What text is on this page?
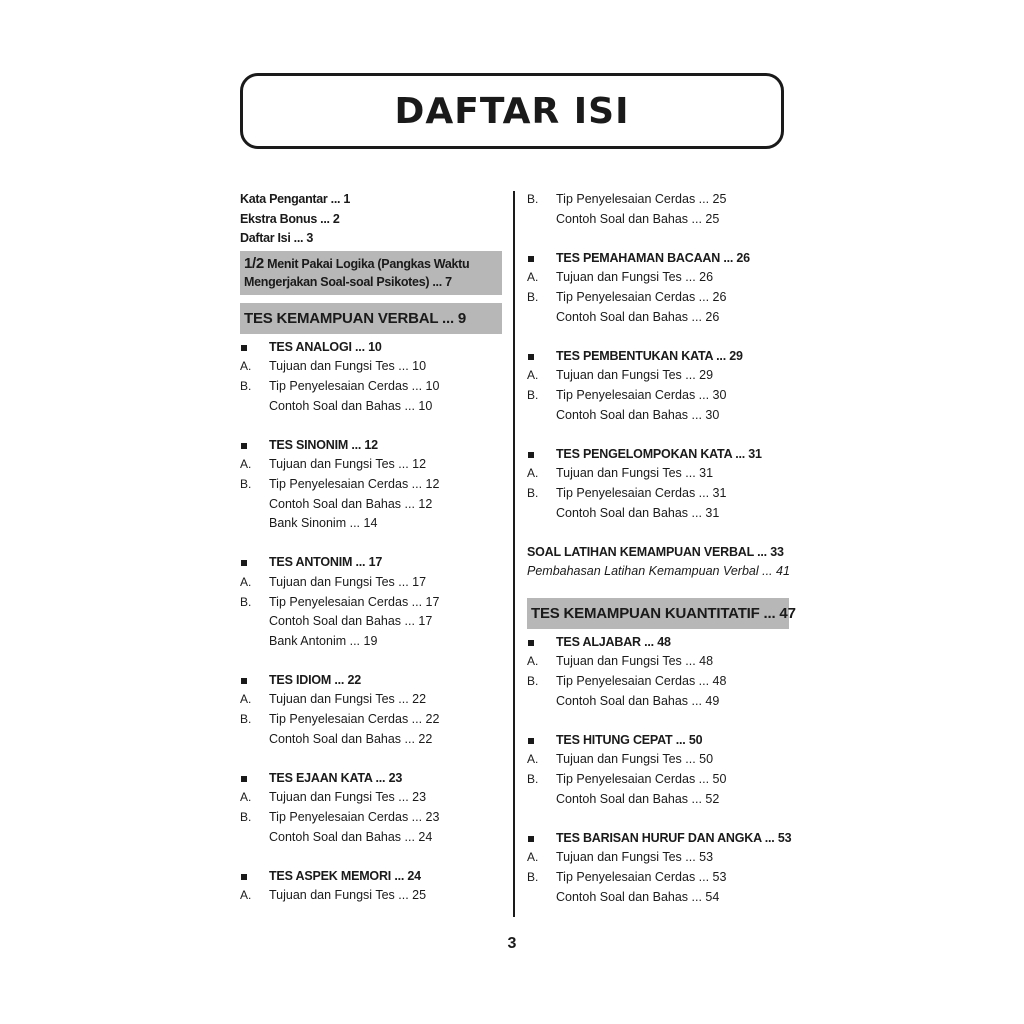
DAFTAR ISI
Kata Pengantar ... 1
Ekstra Bonus ... 2
Daftar Isi ... 3
1/2 Menit Pakai Logika (Pangkas Waktu
Mengerjakan Soal-soal Psikotes) ... 7
TES KEMAMPUAN VERBAL ... 9
TES ANALOGI ... 10
A.	Tujuan dan Fungsi Tes ... 10
B.	Tip Penyelesaian Cerdas ... 10
Contoh Soal dan Bahas ... 10
TES SINONIM ... 12
A.	Tujuan dan Fungsi Tes ... 12
B.	Tip Penyelesaian Cerdas ... 12
Contoh Soal dan Bahas ... 12
Bank Sinonim ... 14
TES ANTONIM ... 17
A.	Tujuan dan Fungsi Tes ... 17
B.	Tip Penyelesaian Cerdas ... 17
Contoh Soal dan Bahas ... 17
Bank Antonim ... 19
TES IDIOM ... 22
A.	Tujuan dan Fungsi Tes ... 22
B.	Tip Penyelesaian Cerdas ... 22
Contoh Soal dan Bahas ... 22
TES EJAAN KATA ... 23
A.	Tujuan dan Fungsi Tes ... 23
B.	Tip Penyelesaian Cerdas ... 23
Contoh Soal dan Bahas ... 24
TES ASPEK MEMORI ... 24
A.	Tujuan dan Fungsi Tes ... 25
B.	Tip Penyelesaian Cerdas ... 25
Contoh Soal dan Bahas ... 25
TES PEMAHAMAN BACAAN ... 26
A.	Tujuan dan Fungsi Tes ... 26
B.	Tip Penyelesaian Cerdas ... 26
Contoh Soal dan Bahas ... 26
TES PEMBENTUKAN KATA ... 29
A.	Tujuan dan Fungsi Tes ... 29
B.	Tip Penyelesaian Cerdas ... 30
Contoh Soal dan Bahas ... 30
TES PENGELOMPOKAN KATA ... 31
A.	Tujuan dan Fungsi Tes ... 31
B.	Tip Penyelesaian Cerdas ... 31
Contoh Soal dan Bahas ... 31
SOAL LATIHAN KEMAMPUAN VERBAL ... 33
Pembahasan Latihan Kemampuan Verbal ... 41
TES KEMAMPUAN KUANTITATIF ... 47
TES ALJABAR ... 48
A.	Tujuan dan Fungsi Tes ... 48
B.	Tip Penyelesaian Cerdas ... 48
Contoh Soal dan Bahas ... 49
TES HITUNG CEPAT ... 50
A.	Tujuan dan Fungsi Tes ... 50
B.	Tip Penyelesaian Cerdas ... 50
Contoh Soal dan Bahas ... 52
TES BARISAN HURUF DAN ANGKA ... 53
A.	Tujuan dan Fungsi Tes ... 53
B.	Tip Penyelesaian Cerdas ... 53
Contoh Soal dan Bahas ... 54
3
